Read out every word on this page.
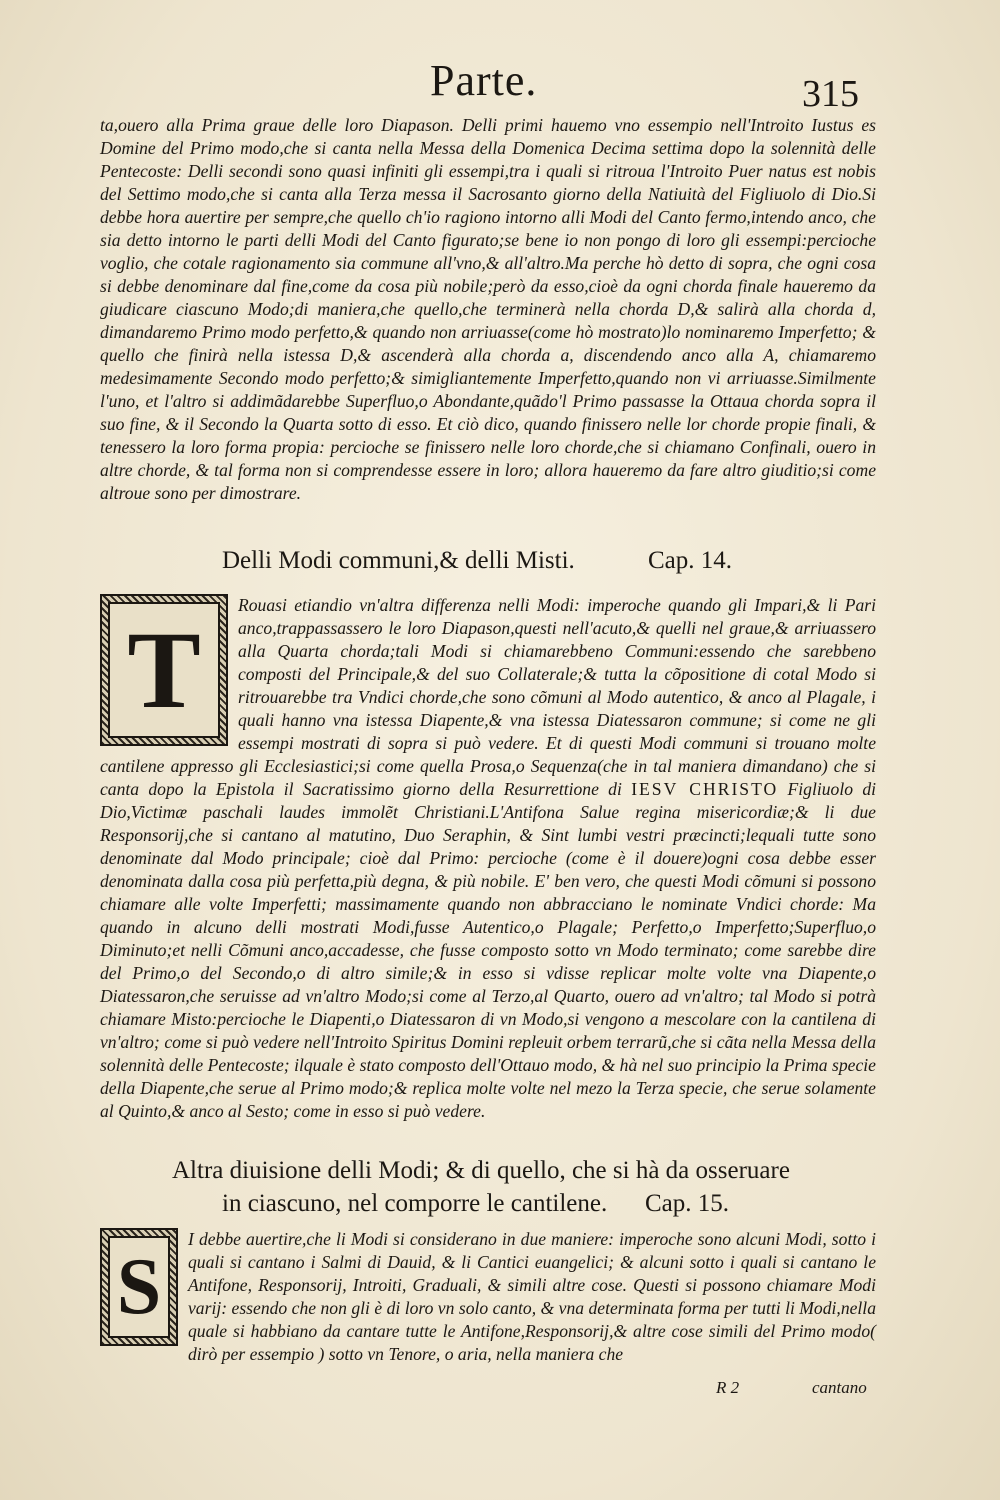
Parte.	315

ta,ouero alla Prima graue delle loro Diapason. Delli primi hauemo vno essempio nell'Introito Iustus es Domine del Primo modo,che si canta nella Messa della Domenica Decima settima dopo la solennità delle Pentecoste: Delli secondi sono quasi infiniti gli essempi,tra i quali si ritroua l'Introito Puer natus est nobis del Settimo modo,che si canta alla Terza messa il Sacrosanto giorno della Natiuità del Figliuolo di Dio.Si debbe hora auertire per sempre,che quello ch'io ragiono intorno alli Modi del Canto fermo,intendo anco, che sia detto intorno le parti delli Modi del Canto figurato;se bene io non pongo di loro gli essempi:percioche voglio, che cotale ragionamento sia commune all'vno,& all'altro.Ma perche hò detto di sopra, che ogni cosa si debbe denominare dal fine,come da cosa più nobile;però da esso,cioè da ogni chorda finale haueremo da giudicare ciascuno Modo;di maniera,che quello,che terminerà nella chorda D,& salirà alla chorda d, dimandaremo Primo modo perfetto,& quando non arriuasse(come hò mostrato)lo nominaremo Imperfetto; & quello che finirà nella istessa D,& ascenderà alla chorda a, discendendo anco alla A, chiamaremo medesimamente Secondo modo perfetto;& simigliantemente Imperfetto,quando non vi arriuasse.Similmente l'uno, et l'altro si addimãdarebbe Superfluo,o Abondante,quãdo'l Primo passasse la Ottaua chorda sopra il suo fine, & il Secondo la Quarta sotto di esso. Et ciò dico, quando finissero nelle lor chorde propie finali, & tenessero la loro forma propia: percioche se finissero nelle loro chorde,che si chiamano Confinali, ouero in altre chorde, & tal forma non si comprendesse essere in loro; allora haueremo da fare altro giuditio;si come altroue sono per dimostrare.

Delli Modi communi,& delli Misti.	Cap. 14.
T
Rouasi etiandio vn'altra differenza nelli Modi: imperoche quando gli Impari,& li Pari anco,trappassassero le loro Diapason,questi nell'acuto,& quelli nel graue,& arriuassero alla Quarta chorda;tali Modi si chiamarebbeno Communi:essendo che sarebbeno composti del Principale,& del suo Collaterale;& tutta la cõpositione di cotal Modo si ritrouarebbe tra Vndici chorde,che sono cõmuni al Modo autentico, & anco al Plagale, i quali hanno vna istessa Diapente,& vna istessa Diatessaron commune; si come ne gli essempi mostrati di sopra si può vedere. Et di questi Modi communi si trouano molte cantilene appresso gli Ecclesiastici;si come quella Prosa,o Sequenza(che in tal maniera dimandano) che si canta dopo la Epistola il Sacratissimo giorno della Resurrettione di IESV CHRISTO Figliuolo di Dio,Victimæ paschali laudes immolẽt Christiani.L'Antifona Salue regina misericordiæ;& li due Responsorij,che si cantano al matutino, Duo Seraphin, & Sint lumbi vestri præcincti;lequali tutte sono denominate dal Modo principale; cioè dal Primo: percioche (come è il douere)ogni cosa debbe esser denominata dalla cosa più perfetta,più degna, & più nobile. E' ben vero, che questi Modi cõmuni si possono chiamare alle volte Imperfetti; massimamente quando non abbracciano le nominate Vndici chorde: Ma quando in alcuno delli mostrati Modi,fusse Autentico,o Plagale; Perfetto,o Imperfetto;Superfluo,o Diminuto;et nelli Cõmuni anco,accadesse, che fusse composto sotto vn Modo terminato; come sarebbe dire del Primo,o del Secondo,o di altro simile;& in esso si vdisse replicar molte volte vna Diapente,o Diatessaron,che seruisse ad vn'altro Modo;si come al Terzo,al Quarto, ouero ad vn'altro; tal Modo si potrà chiamare Misto:percioche le Diapenti,o Diatessaron di vn Modo,si vengono a mescolare con la cantilena di vn'altro; come si può vedere nell'Introito Spiritus Domini repleuit orbem terrarũ,che si cãta nella Messa della solennità delle Pentecoste; ilquale è stato composto dell'Ottauo modo, & hà nel suo principio la Prima specie della Diapente,che serue al Primo modo;& replica molte volte nel mezo la Terza specie, che serue solamente al Quinto,& anco al Sesto; come in esso si può vedere.
Altra diuisione delli Modi; & di quello, che si hà da osseruare
in ciascuno, nel comporre le cantilene. Cap. 15.
S
I debbe auertire,che li Modi si considerano in due maniere: imperoche sono alcuni Modi, sotto i quali si cantano i Salmi di Dauid, & li Cantici euangelici; & alcuni sotto i quali si cantano le Antifone, Responsorij, Introiti, Graduali, & simili altre cose. Questi si possono chiamare Modi varij: essendo che non gli è di loro vn solo canto, & vna determinata forma per tutti li Modi,nella quale si habbiano da cantare tutte le Antifone,Responsorij,& altre cose simili del Primo modo( dirò per essempio ) sotto vn Tenore, o aria, nella maniera che
R 2	cantano
